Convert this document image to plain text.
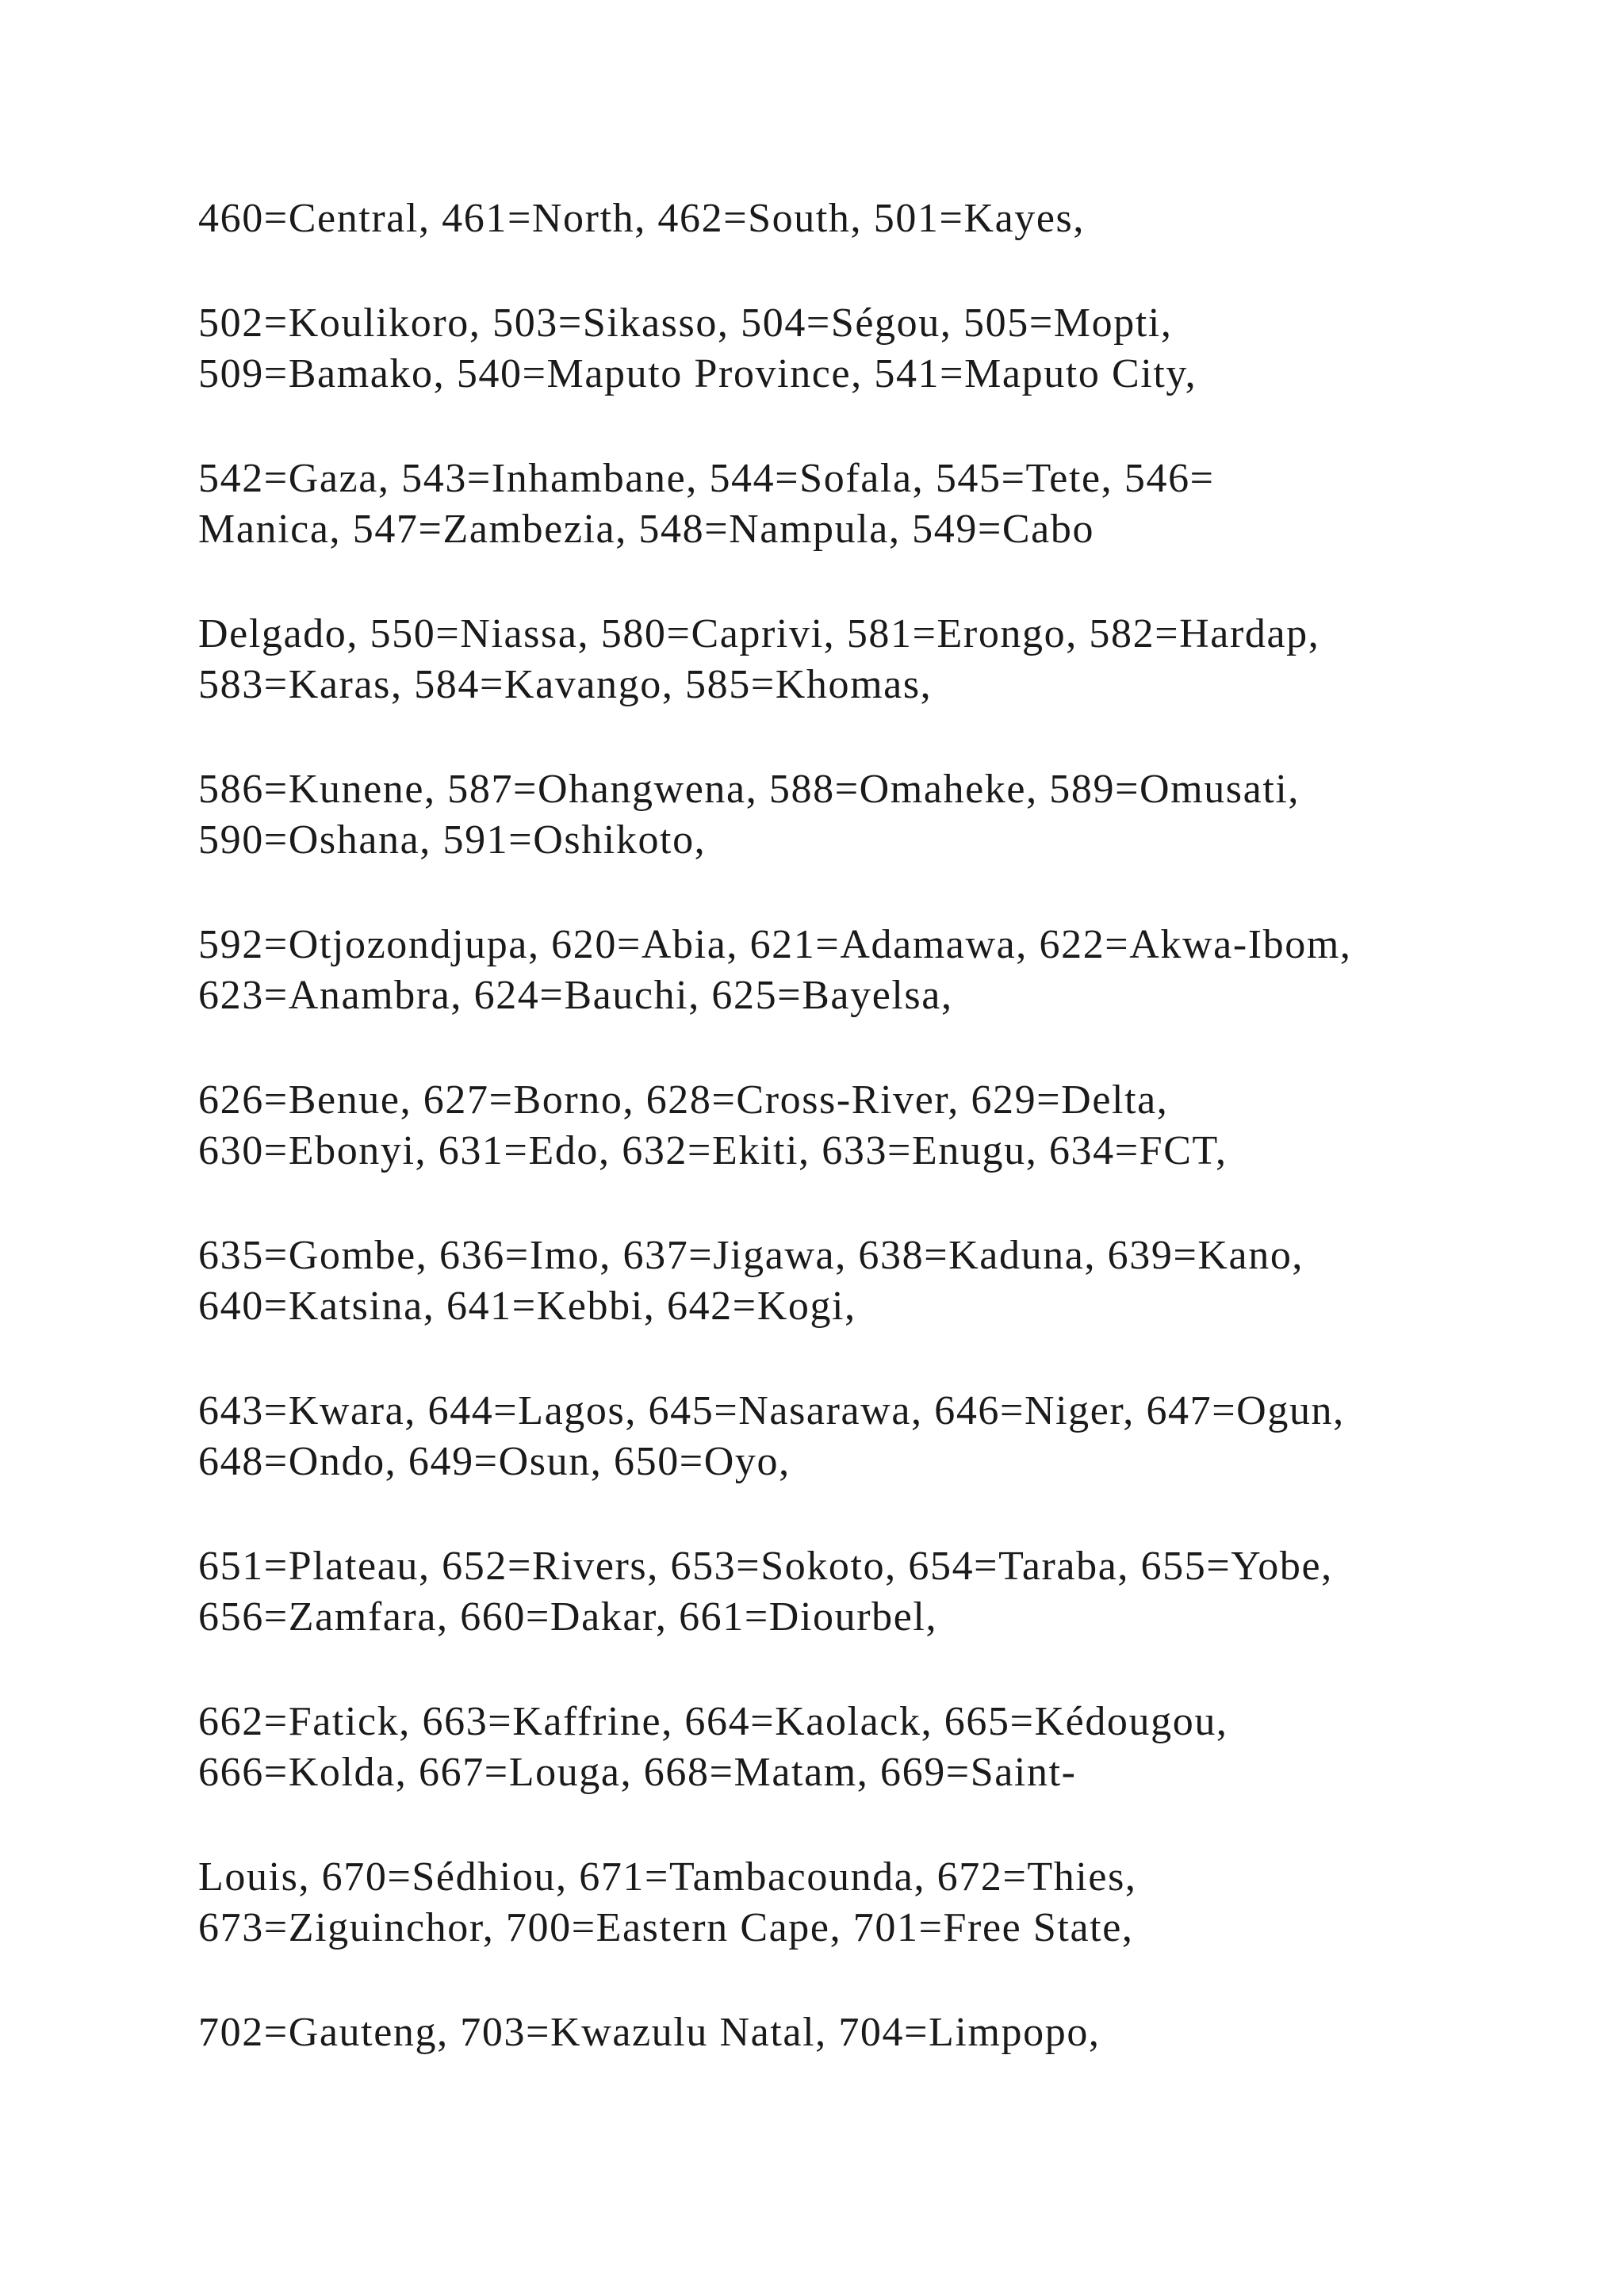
460=Central, 461=North, 462=South, 501=Kayes,

502=Koulikoro, 503=Sikasso, 504=Ségou, 505=Mopti,
509=Bamako, 540=Maputo Province, 541=Maputo City,

542=Gaza, 543=Inhambane, 544=Sofala, 545=Tete, 546=
Manica, 547=Zambezia, 548=Nampula, 549=Cabo

Delgado, 550=Niassa, 580=Caprivi, 581=Erongo, 582=Hardap,
583=Karas, 584=Kavango, 585=Khomas,

586=Kunene, 587=Ohangwena, 588=Omaheke, 589=Omusati,
590=Oshana, 591=Oshikoto,

592=Otjozondjupa, 620=Abia, 621=Adamawa, 622=Akwa-Ibom,
623=Anambra, 624=Bauchi, 625=Bayelsa,

626=Benue, 627=Borno, 628=Cross-River, 629=Delta,
630=Ebonyi, 631=Edo, 632=Ekiti, 633=Enugu, 634=FCT,

635=Gombe, 636=Imo, 637=Jigawa, 638=Kaduna, 639=Kano,
640=Katsina, 641=Kebbi, 642=Kogi,

643=Kwara, 644=Lagos, 645=Nasarawa, 646=Niger, 647=Ogun,
648=Ondo, 649=Osun, 650=Oyo,

651=Plateau, 652=Rivers, 653=Sokoto, 654=Taraba, 655=Yobe,
656=Zamfara, 660=Dakar, 661=Diourbel,

662=Fatick, 663=Kaffrine, 664=Kaolack, 665=Kédougou,
666=Kolda, 667=Louga, 668=Matam, 669=Saint-

Louis, 670=Sédhiou, 671=Tambacounda, 672=Thies,
673=Ziguinchor, 700=Eastern Cape, 701=Free State,

702=Gauteng, 703=Kwazulu Natal, 704=Limpopo,
